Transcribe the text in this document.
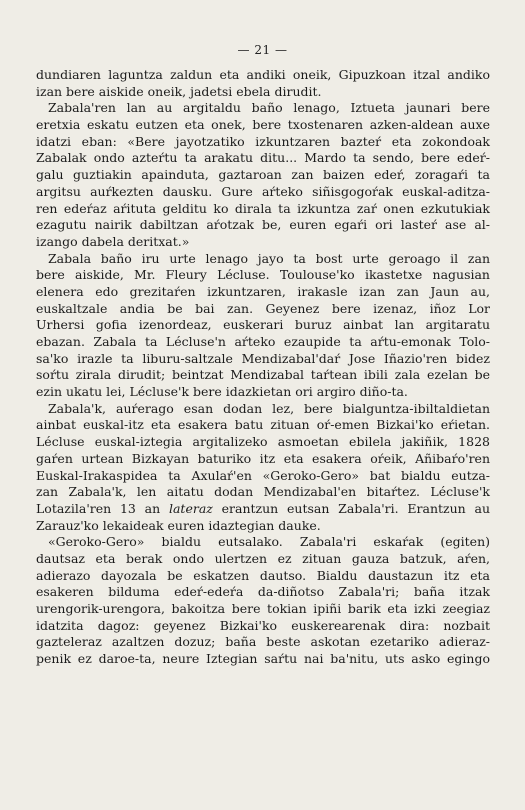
— 21 —
dundiaren laguntza zaldun eta andiki oneik, Gipuzkoan itzal andiko
izan bere aiskide oneik, jadetsi ebela dirudit.
Zabala'ren lan au argitaldu baño lenago, Iztueta jaunari bere
eretxia eskatu eutzen eta onek, bere txostenaren azken-aldean auxe
idatzi eban: «Bere jayotzatiko izkuntzaren bazteŕ eta zokondoak
Zabalak ondo azteŕtu ta arakatu ditu... Mardo ta sendo, bere edeŕ-
galu guztiakin apainduta, gaztaroan zan baizen edeŕ, zoragaŕi ta
argitsu auŕkezten dausku. Gure aŕteko siñisgogoŕak euskal-aditza-
ren edeŕaz aŕituta gelditu ko dirala ta izkuntza zaŕ onen ezkutukiak
ezagutu nairik dabiltzan aŕotzak be, euren egaŕi ori lasteŕ ase al-
izango dabela deritxat.»
Zabala baño iru urte lenago jayo ta bost urte geroago il zan
bere aiskide, Mr. Fleury Lécluse. Toulouse'ko ikastetxe nagusian
elenera edo grezitaŕen izkuntzaren, irakasle izan zan Jaun au,
euskaltzale andia be bai zan. Geyenez bere izenaz, iñoz Lor
Urhersi gofia izenordeaz, euskerari buruz ainbat lan argitaratu
ebazan. Zabala ta Lécluse'n aŕteko ezaupide ta aŕtu-emonak Tolo-
sa'ko irazle ta liburu-saltzale Mendizabal'daŕ Jose Iñazio'ren bidez
soŕtu zirala dirudit; beintzat Mendizabal taŕtean ibili zala ezelan be
ezin ukatu lei, Lécluse'k bere idazkietan ori argiro diño-ta.
Zabala'k, auŕerago esan dodan lez, bere bialguntza-ibiltaldietan
ainbat euskal-itz eta esakera batu zituan oŕ-emen Bizkai'ko eŕietan.
Lécluse euskal-iztegia argitalizeko asmoetan ebilela jakiñik, 1828
gaŕen urtean Bizkayan baturiko itz eta esakera oŕeik, Añibaŕo'ren
Euskal-Irakaspidea ta Axulaŕ'en «Geroko-Gero» bat bialdu eutza-
zan Zabala'k, len aitatu dodan Mendizabal'en bitaŕtez. Lécluse'k
Lotazila'ren 13 an lateraz erantzun eutsan Zabala'ri. Erantzun au
Zarauz'ko lekaideak euren idaztegian dauke.
«Geroko-Gero» bialdu eutsalako. Zabala'ri eskaŕak (egiten)
dautsaz eta berak ondo ulertzen ez zituan gauza batzuk, aŕen,
adierazo dayozala be eskatzen dautso. Bialdu daustazun itz eta
esakeren bilduma edeŕ-edeŕa da-diñotso Zabala'ri; baña itzak
urengorik-urengora, bakoitza bere tokian ipiñi barik eta izki zeegiaz
idatzita dagoz: geyenez Bizkai'ko euskerearenak dira: nozbait
gazteleraz azaltzen dozuz; baña beste askotan ezetariko adieraz-
penik ez daroe-ta, neure Iztegian saŕtu nai ba'nitu, uts asko egingo
